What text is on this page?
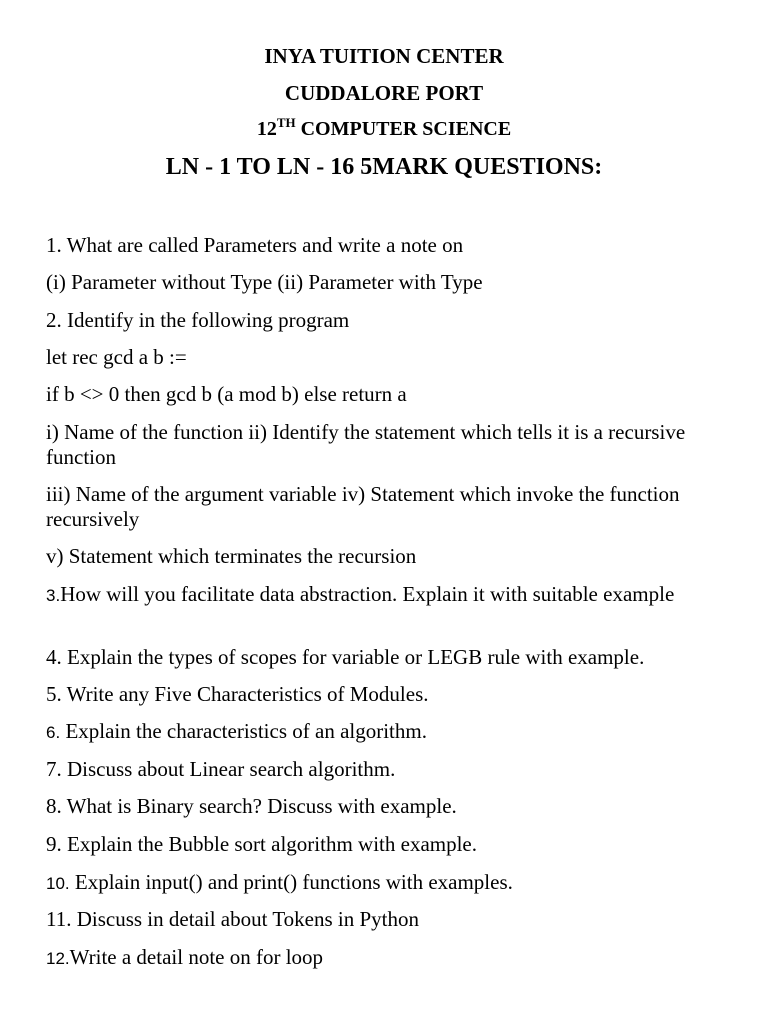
INYA TUITION CENTER
CUDDALORE PORT
12TH COMPUTER SCIENCE
LN - 1 TO LN - 16 5MARK QUESTIONS:
1. What are called Parameters and write a note on
(i) Parameter without Type (ii) Parameter with Type
2. Identify in the following program
let rec gcd a b :=
if b <> 0 then gcd b (a mod b) else return a
i) Name of the function ii) Identify the statement which tells it is a recursive function
iii) Name of the argument variable iv) Statement which invoke the function recursively
v) Statement which terminates the recursion
3.How will you facilitate data abstraction. Explain it with suitable example
4. Explain the types of scopes for variable or LEGB rule with example.
5. Write any Five Characteristics of Modules.
6. Explain the characteristics of an algorithm.
7. Discuss about Linear search algorithm.
8. What is Binary search? Discuss with example.
9. Explain the Bubble sort algorithm with example.
10. Explain input() and print() functions with examples.
11. Discuss in detail about Tokens in Python
12.Write a detail note on for loop
